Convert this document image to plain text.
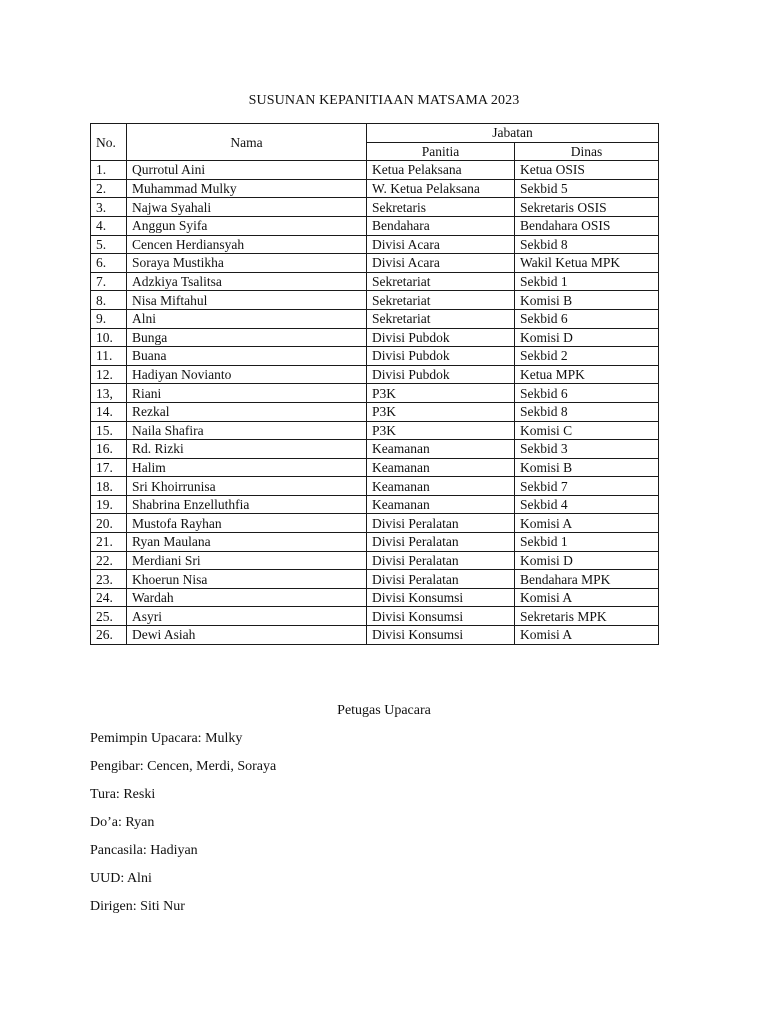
SUSUNAN KEPANITIAAN MATSAMA 2023
No.	Nama	Jabatan	
		Panitia	Dinas
1.	Qurrotul Aini	Ketua Pelaksana	Ketua OSIS
2.	Muhammad Mulky	W. Ketua Pelaksana	Sekbid 5
3.	Najwa Syahali	Sekretaris	Sekretaris OSIS
4.	Anggun Syifa	Bendahara	Bendahara OSIS
5.	Cencen Herdiansyah	Divisi Acara	Sekbid 8
6.	Soraya Mustikha	Divisi Acara	Wakil Ketua MPK
7.	Adzkiya Tsalitsa	Sekretariat	Sekbid 1
8.	Nisa Miftahul	Sekretariat	Komisi B
9.	Alni	Sekretariat	Sekbid 6
10.	Bunga	Divisi Pubdok	Komisi D
11.	Buana	Divisi Pubdok	Sekbid 2
12.	Hadiyan Novianto	Divisi Pubdok	Ketua MPK
13,	Riani	P3K	Sekbid 6
14.	Rezkal	P3K	Sekbid 8
15.	Naila Shafira	P3K	Komisi C
16.	Rd. Rizki	Keamanan	Sekbid 3
17.	Halim	Keamanan	Komisi B
18.	Sri Khoirrunisa	Keamanan	Sekbid 7
19.	Shabrina Enzelluthfia	Keamanan	Sekbid 4
20.	Mustofa Rayhan	Divisi Peralatan	Komisi A
21.	Ryan Maulana	Divisi Peralatan	Sekbid 1
22.	Merdiani Sri	Divisi Peralatan	Komisi D
23.	Khoerun Nisa	Divisi Peralatan	Bendahara MPK
24.	Wardah	Divisi Konsumsi	Komisi A
25.	Asyri	Divisi Konsumsi	Sekretaris MPK
26.	Dewi Asiah	Divisi Konsumsi	Komisi A
Petugas Upacara
Pemimpin Upacara: Mulky
Pengibar: Cencen, Merdi, Soraya
Tura: Reski
Do’a: Ryan
Pancasila: Hadiyan
UUD: Alni
Dirigen: Siti Nur
